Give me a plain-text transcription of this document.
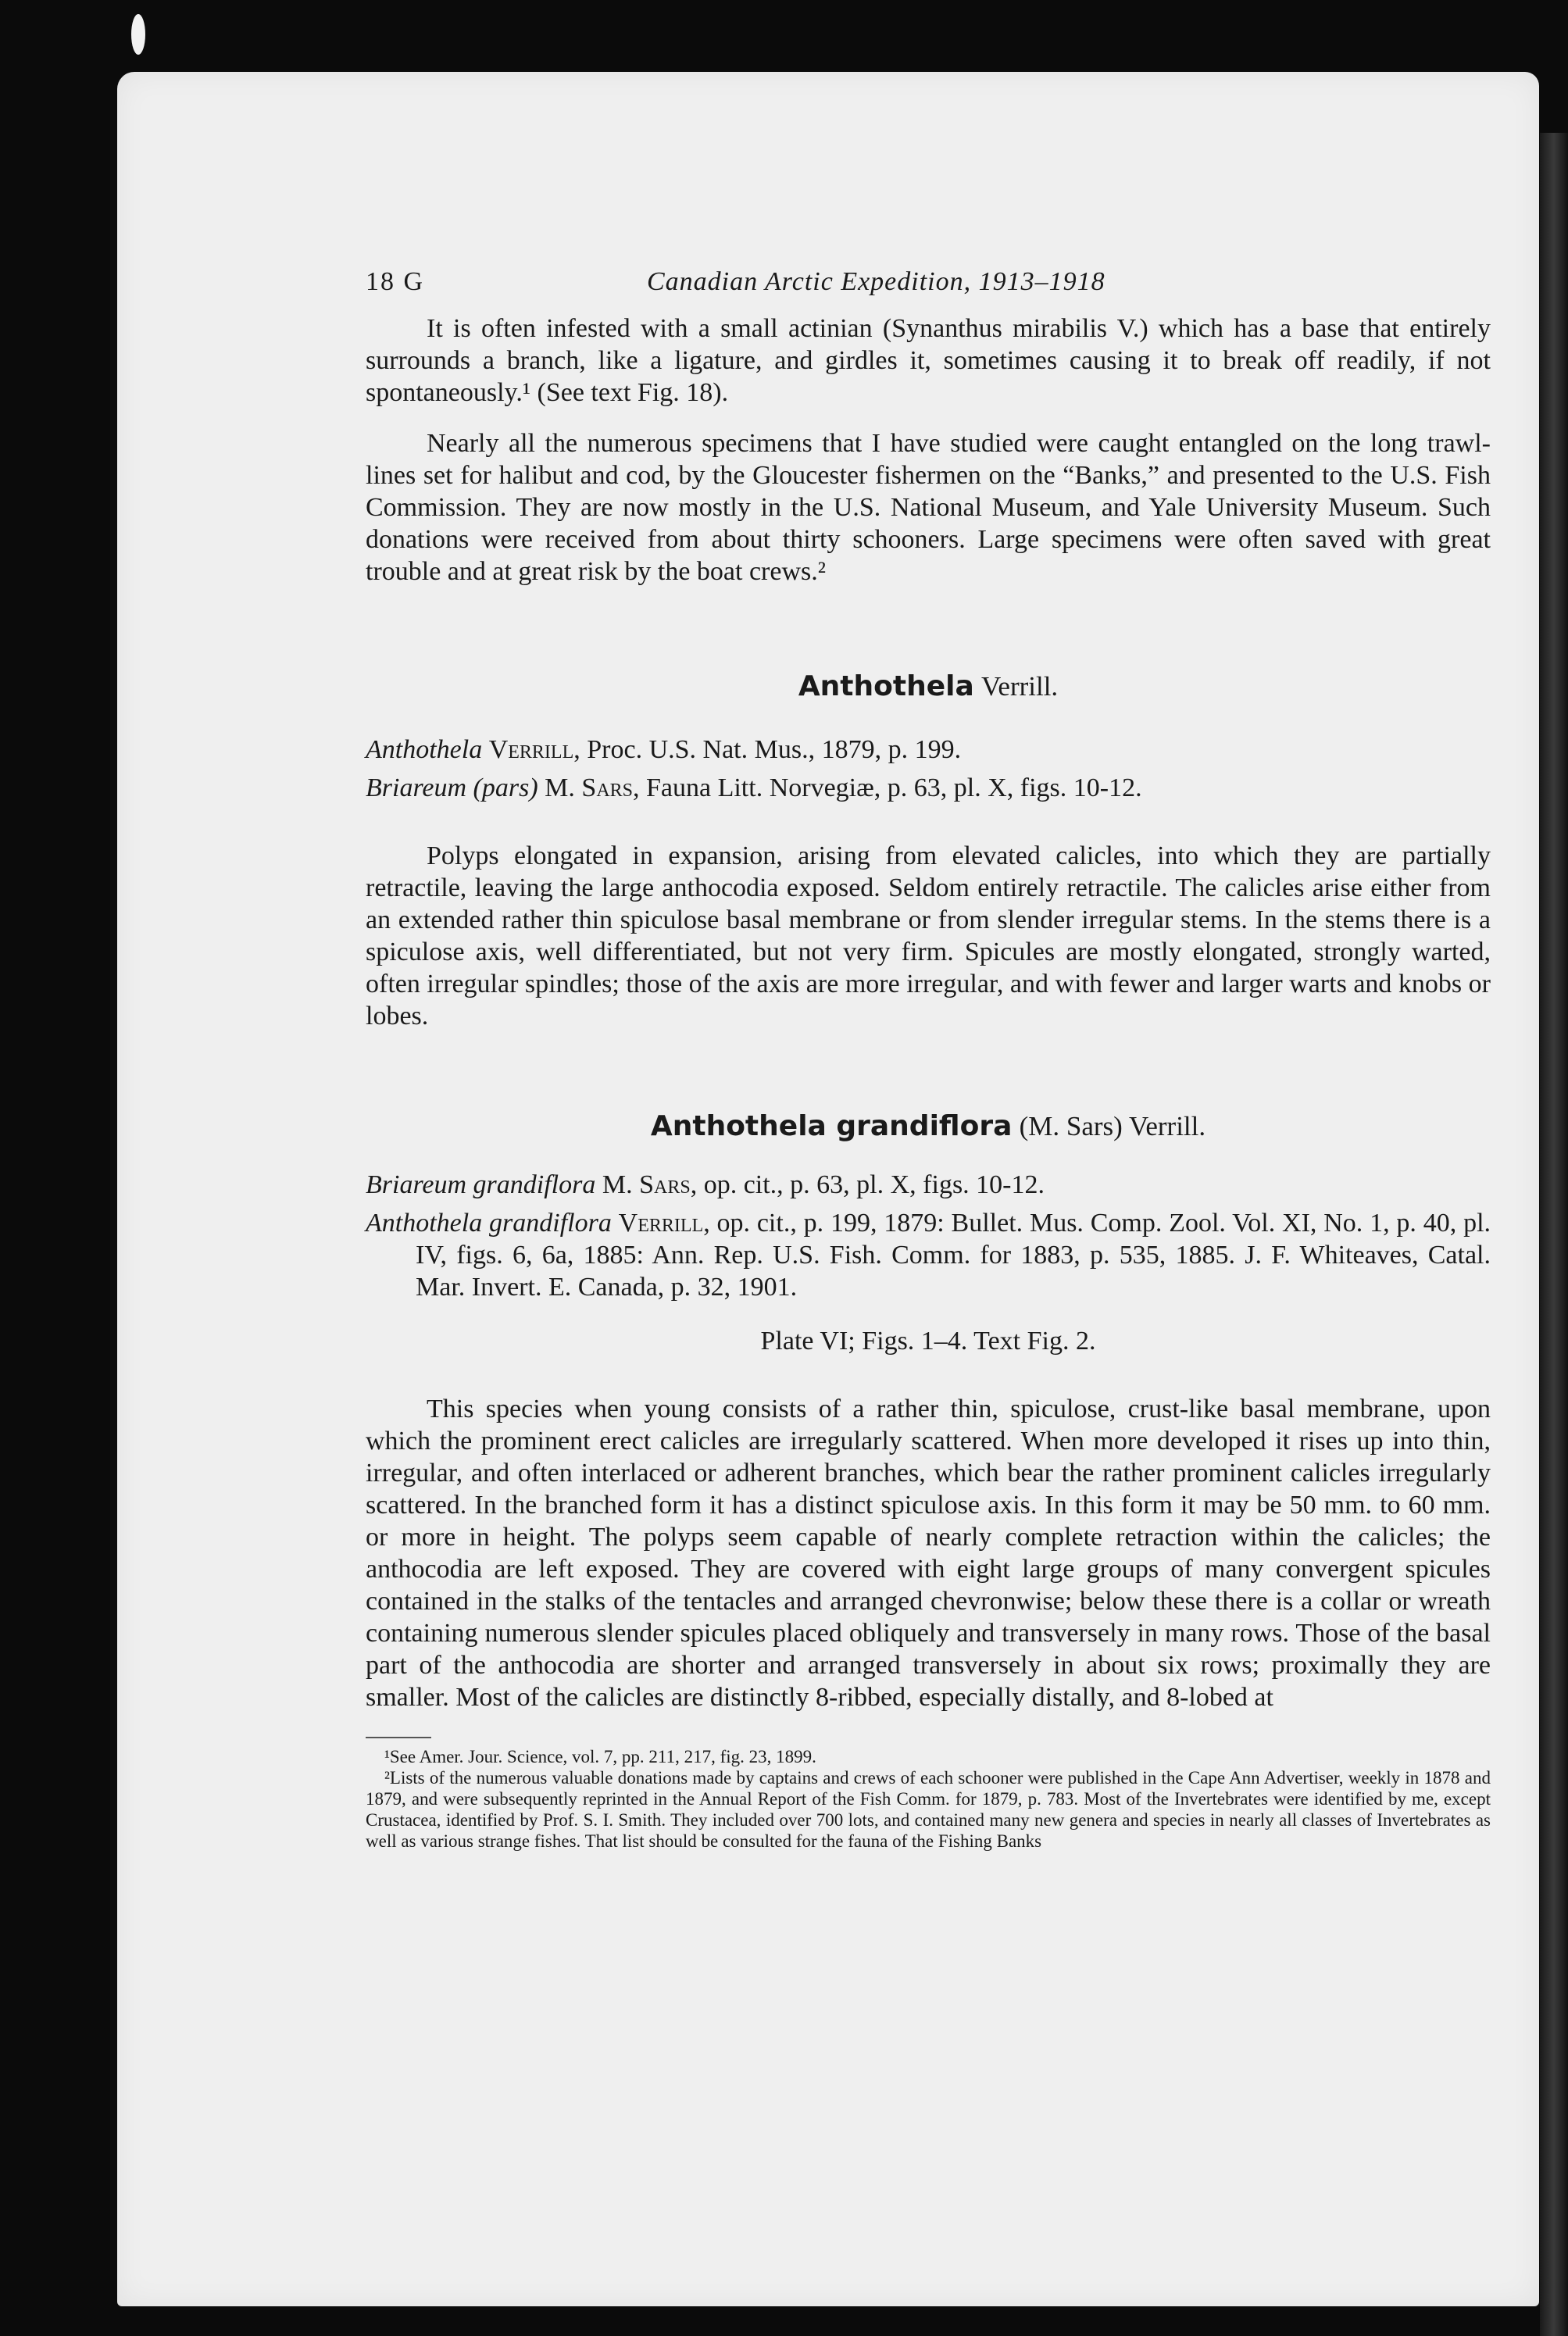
18 G	Canadian Arctic Expedition, 1913–1918

It is often infested with a small actinian (Synanthus mirabilis V.) which has a base that entirely surrounds a branch, like a ligature, and girdles it, sometimes causing it to break off readily, if not spontaneously.¹ (See text Fig. 18).

Nearly all the numerous specimens that I have studied were caught entangled on the long trawl-lines set for halibut and cod, by the Gloucester fishermen on the “Banks,” and presented to the U.S. Fish Commission. They are now mostly in the U.S. National Museum, and Yale University Museum. Such donations were received from about thirty schooners. Large specimens were often saved with great trouble and at great risk by the boat crews.²

Anthothela Verrill.
Anthothela Verrill, Proc. U.S. Nat. Mus., 1879, p. 199.
Briareum (pars) M. Sars, Fauna Litt. Norvegiæ, p. 63, pl. X, figs. 10-12.

Polyps elongated in expansion, arising from elevated calicles, into which they are partially retractile, leaving the large anthocodia exposed. Seldom entirely retractile. The calicles arise either from an extended rather thin spiculose basal membrane or from slender irregular stems. In the stems there is a spiculose axis, well differentiated, but not very firm. Spicules are mostly elongated, strongly warted, often irregular spindles; those of the axis are more irregular, and with fewer and larger warts and knobs or lobes.

Anthothela grandiflora (M. Sars) Verrill.
Briareum grandiflora M. Sars, op. cit., p. 63, pl. X, figs. 10-12.
Anthothela grandiflora Verrill, op. cit., p. 199, 1879: Bullet. Mus. Comp. Zool. Vol. XI, No. 1, p. 40, pl. IV, figs. 6, 6a, 1885: Ann. Rep. U.S. Fish. Comm. for 1883, p. 535, 1885. J. F. Whiteaves, Catal. Mar. Invert. E. Canada, p. 32, 1901.
Plate VI; Figs. 1–4. Text Fig. 2.

This species when young consists of a rather thin, spiculose, crust-like basal membrane, upon which the prominent erect calicles are irregularly scattered. When more developed it rises up into thin, irregular, and often interlaced or adherent branches, which bear the rather prominent calicles irregularly scattered. In the branched form it has a distinct spiculose axis. In this form it may be 50 mm. to 60 mm. or more in height. The polyps seem capable of nearly complete retraction within the calicles; the anthocodia are left exposed. They are covered with eight large groups of many convergent spicules contained in the stalks of the tentacles and arranged chevronwise; below these there is a collar or wreath containing numerous slender spicules placed obliquely and transversely in many rows. Those of the basal part of the anthocodia are shorter and arranged transversely in about six rows; proximally they are smaller. Most of the calicles are distinctly 8-ribbed, especially distally, and 8-lobed at

¹See Amer. Jour. Science, vol. 7, pp. 211, 217, fig. 23, 1899.

²Lists of the numerous valuable donations made by captains and crews of each schooner were published in the Cape Ann Advertiser, weekly in 1878 and 1879, and were subsequently reprinted in the Annual Report of the Fish Comm. for 1879, p. 783. Most of the Invertebrates were identified by me, except Crustacea, identified by Prof. S. I. Smith. They included over 700 lots, and contained many new genera and species in nearly all classes of Invertebrates as well as various strange fishes. That list should be consulted for the fauna of the Fishing Banks
